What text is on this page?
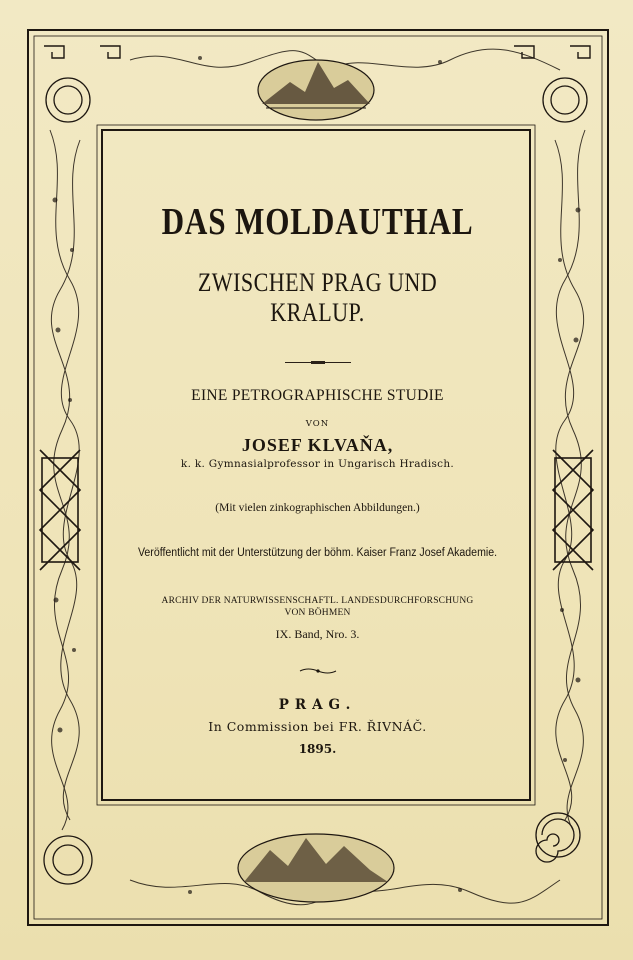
DAS MOLDAUTHAL
ZWISCHEN PRAG UND KRALUP.
EINE PETROGRAPHISCHE STUDIE
VON
JOSEF KLVAŇA,
k. k. Gymnasialprofessor in Ungarisch Hradisch.
(Mit vielen zinkographischen Abbildungen.)
Veröffentlicht mit der Unterstützung der böhm. Kaiser Franz Josef Akademie.
ARCHIV DER NATURWISSENSCHAFTL. LANDESDURCHFORSCHUNG
VON BÖHMEN
IX. Band, Nro. 3.
PRAG.
In Commission bei FR. ŘIVNÁČ.
1895.
